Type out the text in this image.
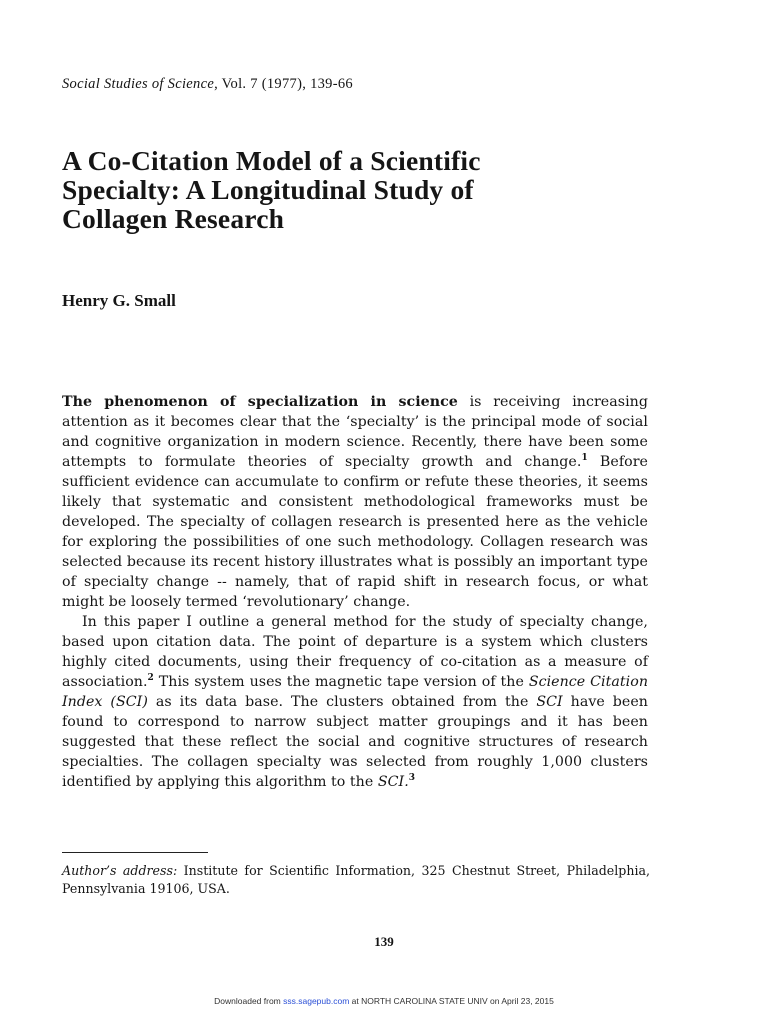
Social Studies of Science, Vol. 7 (1977), 139-66
A Co-Citation Model of a Scientific
Specialty: A Longitudinal Study of
Collagen Research
Henry G. Small

The phenomenon of specialization in science is receiving increasing attention as it becomes clear that the ‘specialty’ is the principal mode of social and cognitive organization in modern science. Recently, there have been some attempts to formulate theories of specialty growth and change.$^1$ Before sufficient evidence can accumulate to confirm or refute these theories, it seems likely that systematic and consistent methodological frameworks must be developed. The specialty of collagen research is presented here as the vehicle for exploring the possibilities of one such methodology. Collagen research was selected because its recent history illustrates what is possibly an important type of specialty change -- namely, that of rapid shift in research focus, or what might be loosely termed ‘revolutionary’ change.

In this paper I outline a general method for the study of specialty change, based upon citation data. The point of departure is a system which clusters highly cited documents, using their frequency of co-citation as a measure of association.$^2$ This system uses the magnetic tape version of the Science Citation Index (SCI) as its data base. The clusters obtained from the SCI have been found to correspond to narrow subject matter groupings and it has been suggested that these reflect the social and cognitive structures of research specialties. The collagen specialty was selected from roughly 1,000 clusters identified by applying this algorithm to the SCI.$^3$

Author’s address: Institute for Scientific Information, 325 Chestnut Street, Philadelphia, Pennsylvania 19106, USA.

139
Downloaded from sss.sagepub.com at NORTH CAROLINA STATE UNIV on April 23, 2015
